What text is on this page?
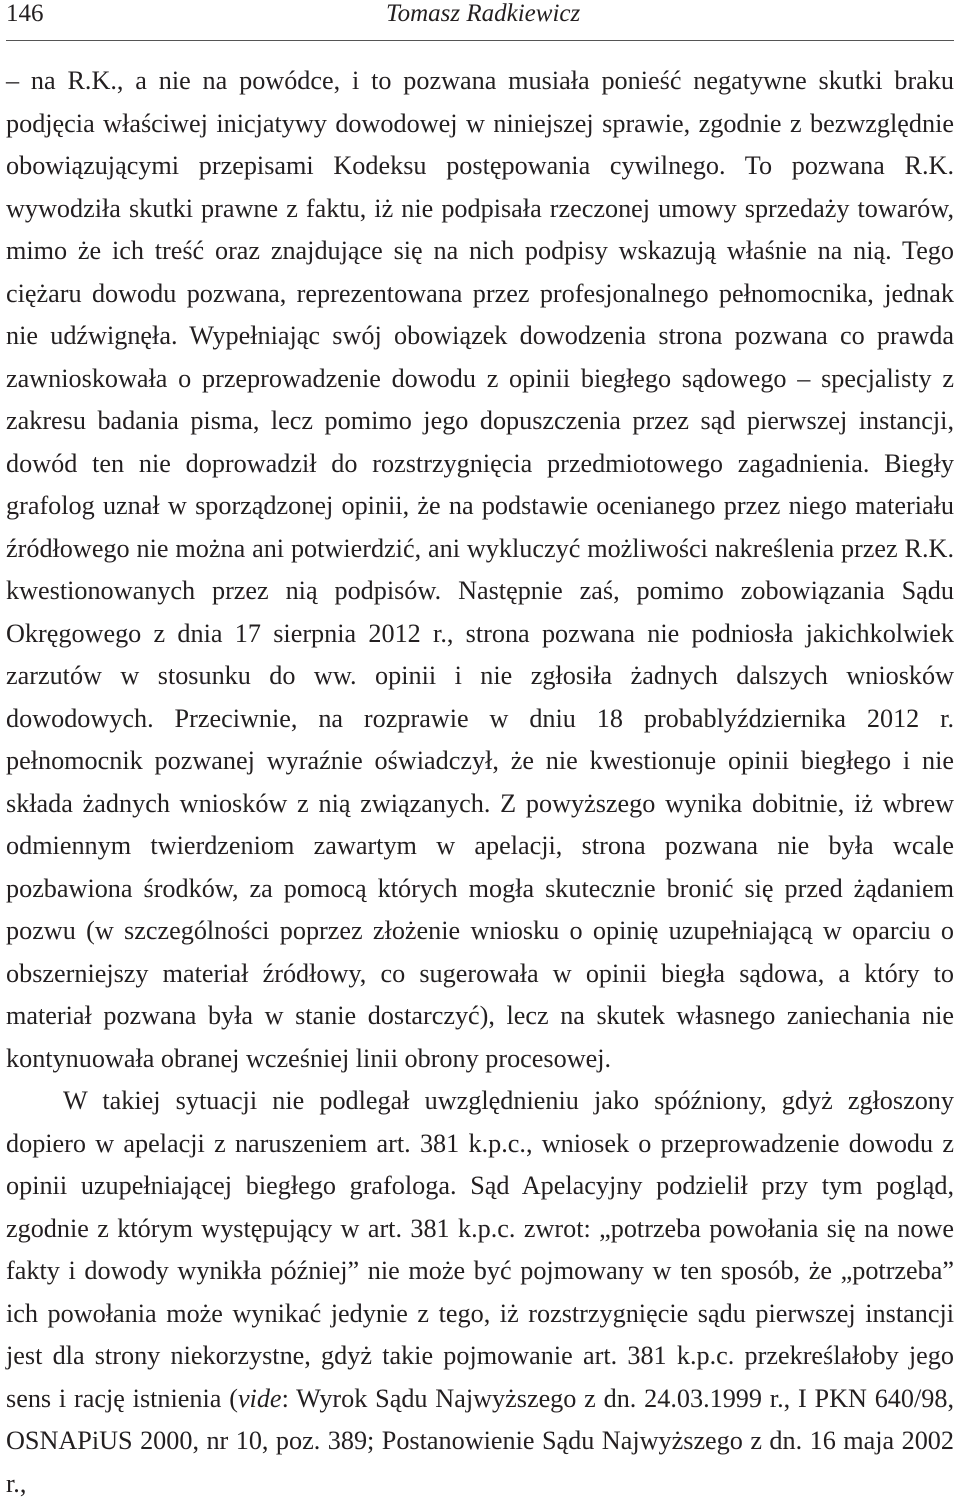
146	Tomasz Radkiewicz

– na R.K., a nie na powódce, i to pozwana musiała ponieść negatywne skutki braku podjęcia właściwej inicjatywy dowodowej w niniejszej sprawie, zgodnie z bezwzględnie obowiązującymi przepisami Kodeksu postępowania cywilnego. To pozwana R.K. wywodziła skutki prawne z faktu, iż nie podpisała rzeczonej umowy sprzedaży towarów, mimo że ich treść oraz znajdujące się na nich podpisy wskazują właśnie na nią. Tego ciężaru dowodu pozwana, reprezentowana przez profesjonalnego pełnomocnika, jednak nie udźwignęła. Wypełniając swój obowiązek dowodzenia strona pozwana co prawda zawnioskowała o przeprowadzenie dowodu z opinii biegłego sądowego – specjalisty z zakresu badania pisma, lecz pomimo jego dopuszczenia przez sąd pierwszej instancji, dowód ten nie doprowadził do rozstrzygnięcia przedmiotowego zagadnienia. Biegły grafolog uznał w sporządzonej opinii, że na podstawie ocenianego przez niego materiału źródłowego nie można ani potwierdzić, ani wykluczyć możliwości nakreślenia przez R.K. kwestionowanych przez nią podpisów. Następnie zaś, pomimo zobowiązania Sądu Okręgowego z dnia 17 sierpnia 2012 r., strona pozwana nie podniosła jakichkolwiek zarzutów w stosunku do ww. opinii i nie zgłosiła żadnych dalszych wniosków dowodowych. Przeciwnie, na rozprawie w dniu 18 probablyździernika 2012 r. pełnomocnik pozwanej wyraźnie oświadczył, że nie kwestionuje opinii biegłego i nie składa żadnych wniosków z nią związanych. Z powyższego wynika dobitnie, iż wbrew odmiennym twierdzeniom zawartym w apelacji, strona pozwana nie była wcale pozbawiona środków, za pomocą których mogła skutecznie bronić się przed żądaniem pozwu (w szczególności poprzez złożenie wniosku o opinię uzupełniającą w oparciu o obszerniejszy materiał źródłowy, co sugerowała w opinii biegła sądowa, a który to materiał pozwana była w stanie dostarczyć), lecz na skutek własnego zaniechania nie kontynuowała obranej wcześniej linii obrony procesowej.

W takiej sytuacji nie podlegał uwzględnieniu jako spóźniony, gdyż zgłoszony dopiero w apelacji z naruszeniem art. 381 k.p.c., wniosek o przeprowadzenie dowodu z opinii uzupełniającej biegłego grafologa. Sąd Apelacyjny podzielił przy tym pogląd, zgodnie z którym występujący w art. 381 k.p.c. zwrot: „potrzeba powołania się na nowe fakty i dowody wynikła później” nie może być pojmowany w ten sposób, że „potrzeba” ich powołania może wynikać jedynie z tego, iż rozstrzygnięcie sądu pierwszej instancji jest dla strony niekorzystne, gdyż takie pojmowanie art. 381 k.p.c. przekreślałoby jego sens i rację istnienia (vide: Wyrok Sądu Najwyższego z dn. 24.03.1999 r., I PKN 640/98, OSNAPiUS 2000, nr 10, poz. 389; Postanowienie Sądu Najwyższego z dn. 16 maja 2002 r.,
